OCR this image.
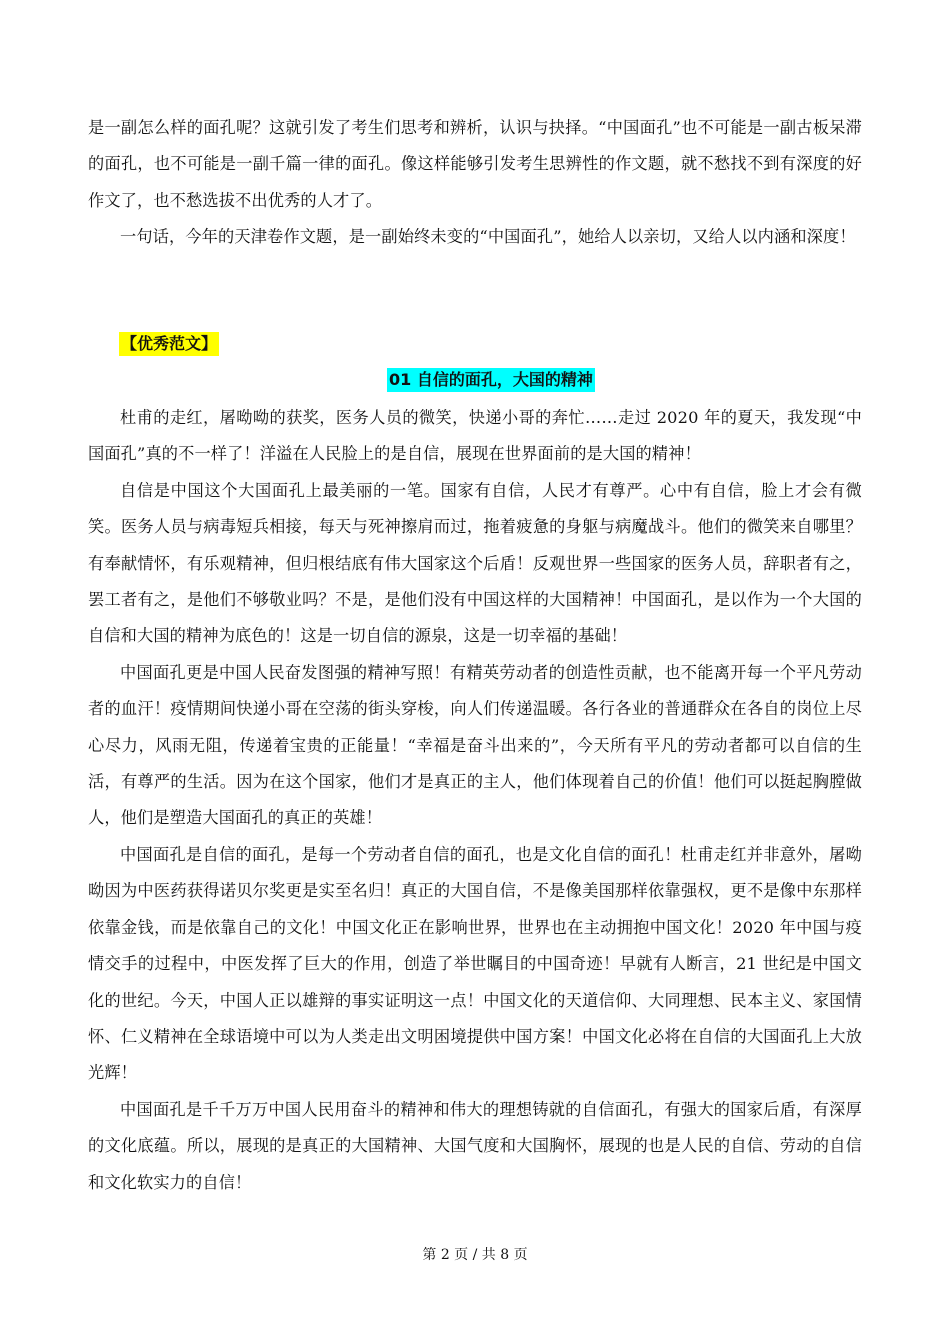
是一副怎么样的面孔呢？这就引发了考生们思考和辨析，认识与抉择。“中国面孔”也不可能是一副古板呆滞的面孔，也不可能是一副千篇一律的面孔。像这样能够引发考生思辨性的作文题，就不愁找不到有深度的好作文了，也不愁选拔不出优秀的人才了。

一句话，今年的天津卷作文题，是一副始终未变的“中国面孔”，她给人以亲切，又给人以内涵和深度！

【优秀范文】
01 自信的面孔，大国的精神

杜甫的走红，屠呦呦的获奖，医务人员的微笑，快递小哥的奔忙……走过 2020 年的夏天，我发现“中国面孔”真的不一样了！洋溢在人民脸上的是自信，展现在世界面前的是大国的精神！

自信是中国这个大国面孔上最美丽的一笔。国家有自信，人民才有尊严。心中有自信，脸上才会有微笑。医务人员与病毒短兵相接，每天与死神擦肩而过，拖着疲惫的身躯与病魔战斗。他们的微笑来自哪里？有奉献情怀，有乐观精神，但归根结底有伟大国家这个后盾！反观世界一些国家的医务人员，辞职者有之，罢工者有之，是他们不够敬业吗？不是，是他们没有中国这样的大国精神！中国面孔，是以作为一个大国的自信和大国的精神为底色的！这是一切自信的源泉，这是一切幸福的基础！

中国面孔更是中国人民奋发图强的精神写照！有精英劳动者的创造性贡献，也不能离开每一个平凡劳动者的血汗！疫情期间快递小哥在空荡的街头穿梭，向人们传递温暖。各行各业的普通群众在各自的岗位上尽心尽力，风雨无阻，传递着宝贵的正能量！“幸福是奋斗出来的”，今天所有平凡的劳动者都可以自信的生活，有尊严的生活。因为在这个国家，他们才是真正的主人，他们体现着自己的价值！他们可以挺起胸膛做人，他们是塑造大国面孔的真正的英雄！

中国面孔是自信的面孔，是每一个劳动者自信的面孔，也是文化自信的面孔！杜甫走红并非意外，屠呦呦因为中医药获得诺贝尔奖更是实至名归！真正的大国自信，不是像美国那样依靠强权，更不是像中东那样依靠金钱，而是依靠自己的文化！中国文化正在影响世界，世界也在主动拥抱中国文化！2020 年中国与疫情交手的过程中，中医发挥了巨大的作用，创造了举世瞩目的中国奇迹！早就有人断言，21 世纪是中国文化的世纪。今天，中国人正以雄辩的事实证明这一点！中国文化的天道信仰、大同理想、民本主义、家国情怀、仁义精神在全球语境中可以为人类走出文明困境提供中国方案！中国文化必将在自信的大国面孔上大放光辉！

中国面孔是千千万万中国人民用奋斗的精神和伟大的理想铸就的自信面孔，有强大的国家后盾，有深厚的文化底蕴。所以，展现的是真正的大国精神、大国气度和大国胸怀，展现的也是人民的自信、劳动的自信和文化软实力的自信！

第 2 页 / 共 8 页
